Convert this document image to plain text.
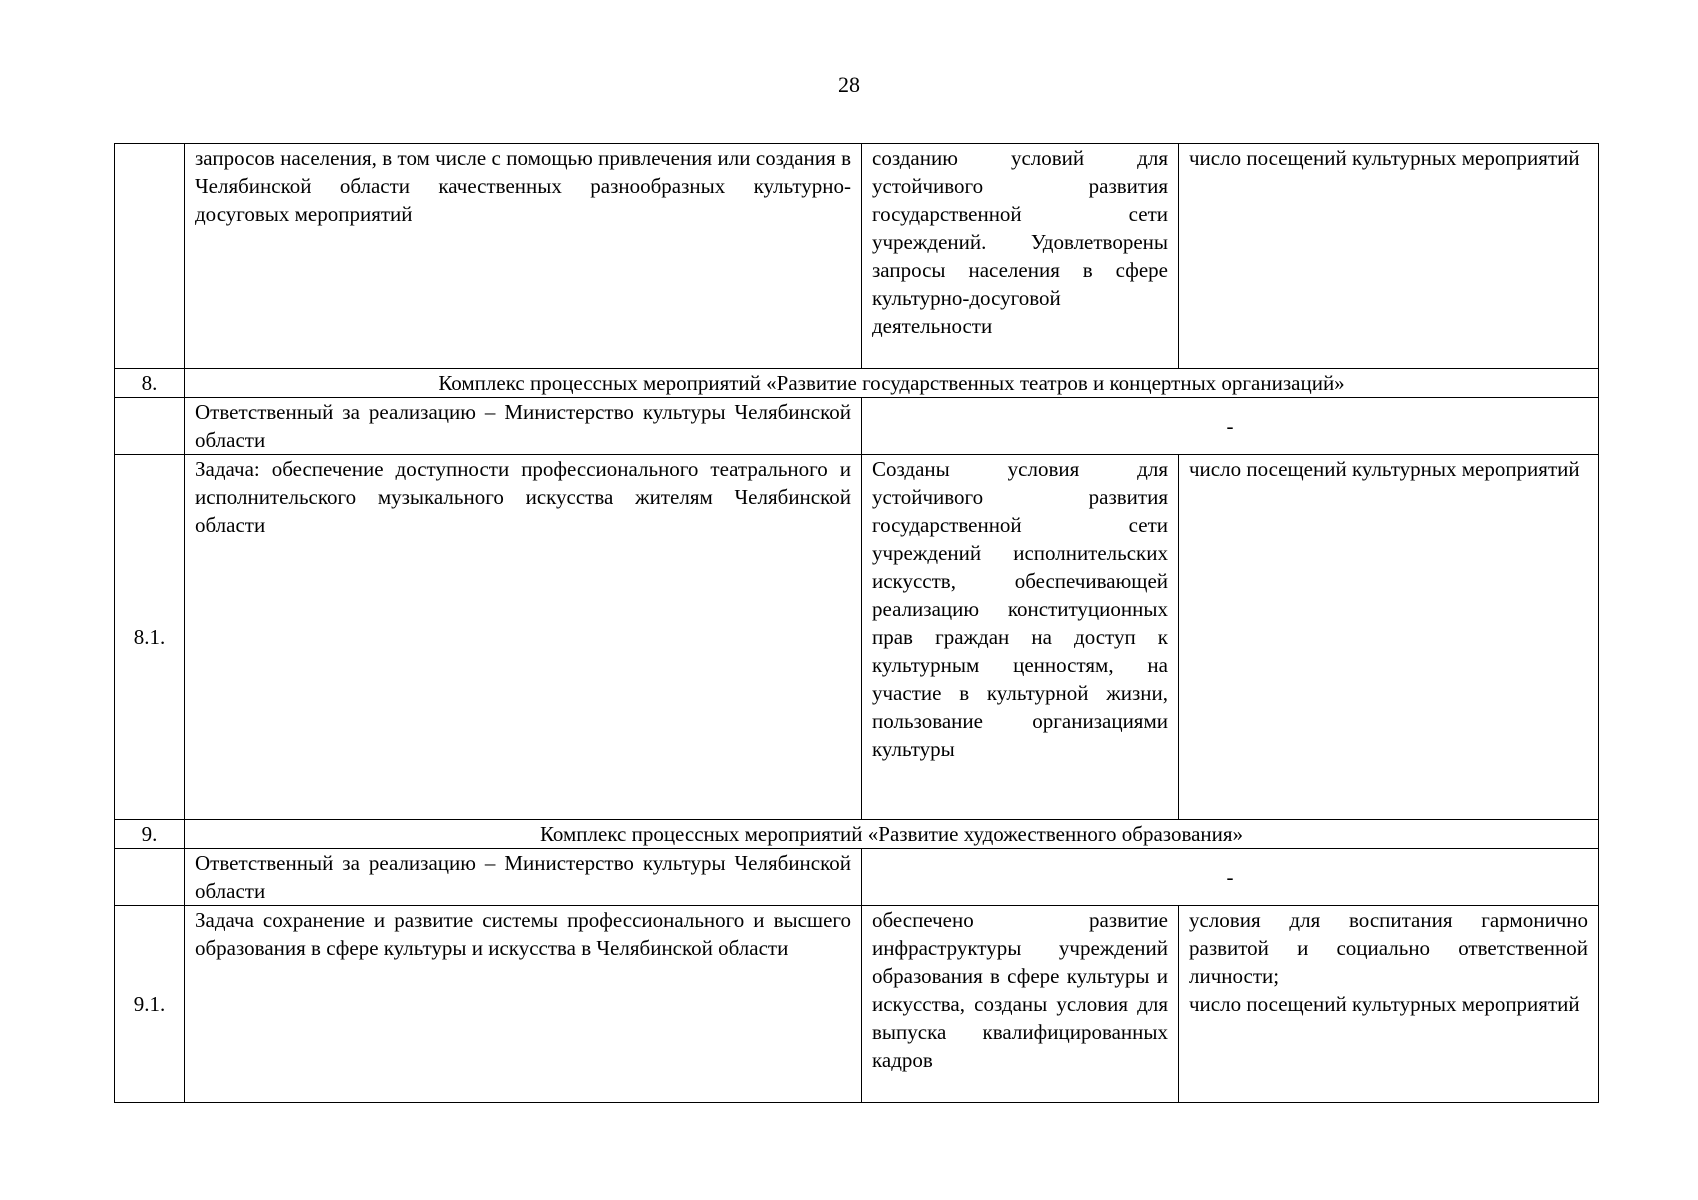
28
	запросов населения, в том числе с помощью привлечения или создания в Челябинской области качественных разнообразных культурно-досуговых мероприятий	созданию условий для устойчивого развития государственной сети учреждений. Удовлетворены запросы населения в сфере культурно-досуговой деятельности	число посещений культурных мероприятий
8.	Комплекс процессных мероприятий «Развитие государственных театров и концертных организаций»		
	Ответственный за реализацию – Министерство культуры Челябинской области	-	
8.1.	Задача: обеспечение доступности профессионального театрального и исполнительского музыкального искусства жителям Челябинской области	Созданы условия для устойчивого развития государственной сети учреждений исполнительских искусств, обеспечивающей реализацию конституционных прав граждан на доступ к культурным ценностям, на участие в культурной жизни, пользование организациями культуры	число посещений культурных мероприятий
9.	Комплекс процессных мероприятий «Развитие художественного образования»		
	Ответственный за реализацию – Министерство культуры Челябинской области	-	
9.1.	Задача сохранение и развитие системы профессионального и высшего образования в сфере культуры и искусства в Челябинской области	обеспечено развитие инфраструктуры учреждений образования в сфере культуры и искусства, созданы условия для выпуска квалифицированных кадров	условия для воспитания гармонично развитой и социально ответственной личности;
число посещений культурных мероприятий
